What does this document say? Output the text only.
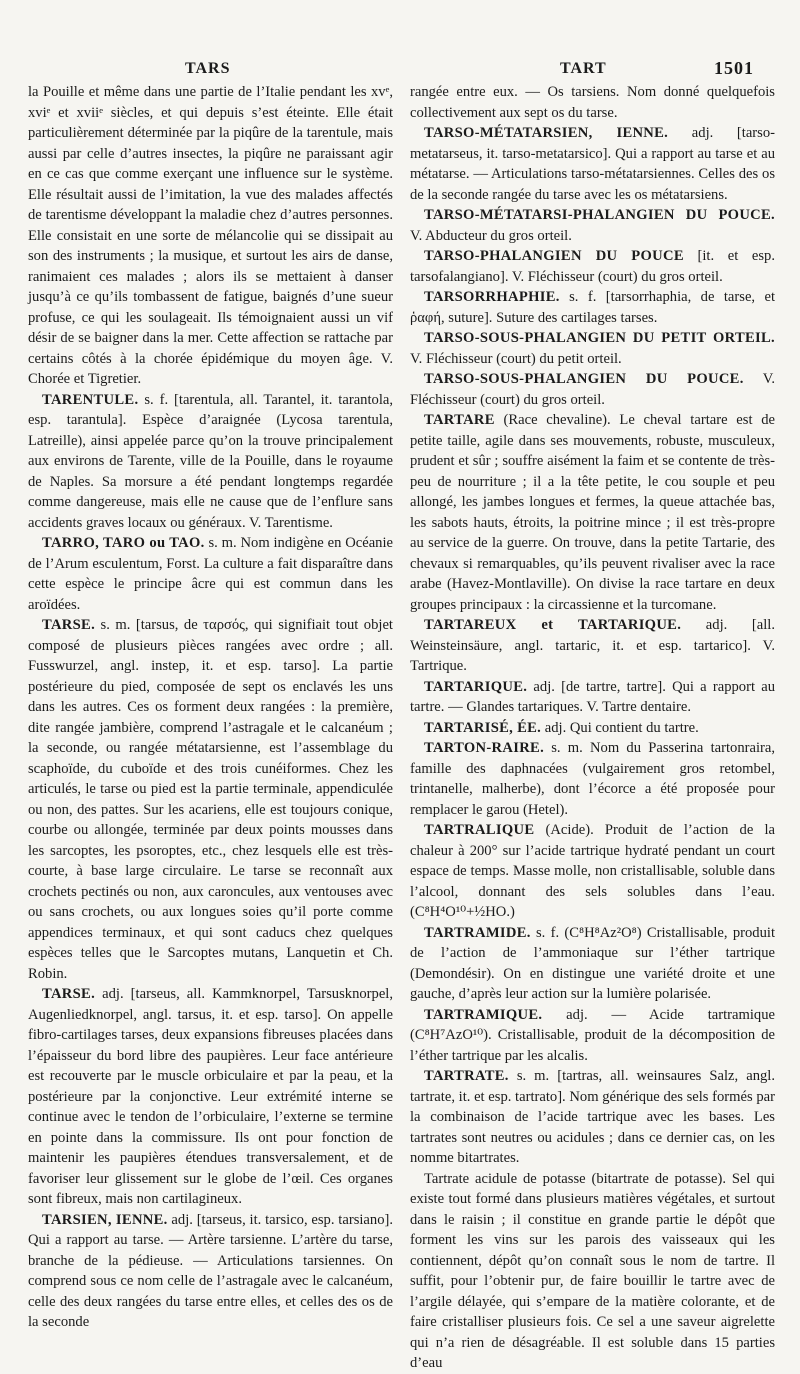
TARS	TART	1501

la Pouille et même dans une partie de l’Italie pendant les xvᵉ, xviᵉ et xviiᵉ siècles, et qui depuis s’est éteinte. Elle était particulièrement déterminée par la piqûre de la tarentule, mais aussi par celle d’autres insectes, la piqûre ne paraissant agir en ce cas que comme exerçant une influence sur le système. Elle résultait aussi de l’imitation, la vue des malades affectés de tarentisme développant la maladie chez d’autres personnes. Elle consistait en une sorte de mélancolie qui se dissipait au son des instruments ; la musique, et surtout les airs de danse, ranimaient ces malades ; alors ils se mettaient à danser jusqu’à ce qu’ils tombassent de fatigue, baignés d’une sueur profuse, ce qui les soulageait. Ils témoignaient aussi un vif désir de se baigner dans la mer. Cette affection se rattache par certains côtés à la chorée épidémique du moyen âge. V. Chorée et Tigretier.

TARENTULE. s. f. [tarentula, all. Tarantel, it. tarantola, esp. tarantula]. Espèce d’araignée (Lycosa tarentula, Latreille), ainsi appelée parce qu’on la trouve principalement aux environs de Tarente, ville de la Pouille, dans le royaume de Naples. Sa morsure a été pendant longtemps regardée comme dangereuse, mais elle ne cause que de l’enflure sans accidents graves locaux ou généraux. V. Tarentisme.

TARRO, TARO ou TAO. s. m. Nom indigène en Océanie de l’Arum esculentum, Forst. La culture a fait disparaître dans cette espèce le principe âcre qui est commun dans les aroïdées.

TARSE. s. m. [tarsus, de ταρσός, qui signifiait tout objet composé de plusieurs pièces rangées avec ordre ; all. Fusswurzel, angl. instep, it. et esp. tarso]. La partie postérieure du pied, composée de sept os enclavés les uns dans les autres. Ces os forment deux rangées : la première, dite rangée jambière, comprend l’astragale et le calcanéum ; la seconde, ou rangée métatarsienne, est l’assemblage du scaphoïde, du cuboïde et des trois cunéiformes. Chez les articulés, le tarse ou pied est la partie terminale, appendiculée ou non, des pattes. Sur les acariens, elle est toujours conique, courbe ou allongée, terminée par deux points mousses dans les sarcoptes, les psoroptes, etc., chez lesquels elle est très-courte, à base large circulaire. Le tarse se reconnaît aux crochets pectinés ou non, aux caroncules, aux ventouses avec ou sans crochets, ou aux longues soies qu’il porte comme appendices terminaux, et qui sont caducs chez quelques espèces telles que le Sarcoptes mutans, Lanquetin et Ch. Robin.

TARSE. adj. [tarseus, all. Kammknorpel, Tarsusknorpel, Augenliedknorpel, angl. tarsus, it. et esp. tarso]. On appelle fibro-cartilages tarses, deux expansions fibreuses placées dans l’épaisseur du bord libre des paupières. Leur face antérieure est recouverte par le muscle orbiculaire et par la peau, et la postérieure par la conjonctive. Leur extrémité interne se continue avec le tendon de l’orbiculaire, l’externe se termine en pointe dans la commissure. Ils ont pour fonction de maintenir les paupières étendues transversalement, et de favoriser leur glissement sur le globe de l’œil. Ces organes sont fibreux, mais non cartilagineux.

TARSIEN, IENNE. adj. [tarseus, it. tarsico, esp. tarsiano]. Qui a rapport au tarse. — Artère tarsienne. L’artère du tarse, branche de la pédieuse. — Articulations tarsiennes. On comprend sous ce nom celle de l’astragale avec le calcanéum, celle des deux rangées du tarse entre elles, et celles des os de la seconde

rangée entre eux. — Os tarsiens. Nom donné quelquefois collectivement aux sept os du tarse.

TARSO-MÉTATARSIEN, IENNE. adj. [tarso-metatarseus, it. tarso-metatarsico]. Qui a rapport au tarse et au métatarse. — Articulations tarso-métatarsiennes. Celles des os de la seconde rangée du tarse avec les os métatarsiens.

TARSO-MÉTATARSI-PHALANGIEN DU POUCE. V. Abducteur du gros orteil.

TARSO-PHALANGIEN DU POUCE [it. et esp. tarsofalangiano]. V. Fléchisseur (court) du gros orteil.

TARSORRHAPHIE. s. f. [tarsorrhaphia, de tarse, et ῥαφή, suture]. Suture des cartilages tarses.

TARSO-SOUS-PHALANGIEN DU PETIT ORTEIL. V. Fléchisseur (court) du petit orteil.

TARSO-SOUS-PHALANGIEN DU POUCE. V. Fléchisseur (court) du gros orteil.

TARTARE (Race chevaline). Le cheval tartare est de petite taille, agile dans ses mouvements, robuste, musculeux, prudent et sûr ; souffre aisément la faim et se contente de très-peu de nourriture ; il a la tête petite, le cou souple et peu allongé, les jambes longues et fermes, la queue attachée bas, les sabots hauts, étroits, la poitrine mince ; il est très-propre au service de la guerre. On trouve, dans la petite Tartarie, des chevaux si remarquables, qu’ils peuvent rivaliser avec la race arabe (Havez-Montlaville). On divise la race tartare en deux groupes principaux : la circassienne et la turcomane.

TARTAREUX et TARTARIQUE. adj. [all. Weinsteinsäure, angl. tartaric, it. et esp. tartarico]. V. Tartrique.

TARTARIQUE. adj. [de tartre, tartre]. Qui a rapport au tartre. — Glandes tartariques. V. Tartre dentaire.

TARTARISÉ, ÉE. adj. Qui contient du tartre.

TARTON-RAIRE. s. m. Nom du Passerina tartonraira, famille des daphnacées (vulgairement gros retombel, trintanelle, malherbe), dont l’écorce a été proposée pour remplacer le garou (Hetel).

TARTRALIQUE (Acide). Produit de l’action de la chaleur à 200° sur l’acide tartrique hydraté pendant un court espace de temps. Masse molle, non cristallisable, soluble dans l’alcool, donnant des sels solubles dans l’eau. (C⁸H⁴O¹⁰+½HO.)

TARTRAMIDE. s. f. (C⁸H⁸Az²O⁸) Cristallisable, produit de l’action de l’ammoniaque sur l’éther tartrique (Demondésir). On en distingue une variété droite et une gauche, d’après leur action sur la lumière polarisée.

TARTRAMIQUE. adj. — Acide tartramique (C⁸H⁷AzO¹⁰). Cristallisable, produit de la décomposition de l’éther tartrique par les alcalis.

TARTRATE. s. m. [tartras, all. weinsaures Salz, angl. tartrate, it. et esp. tartrato]. Nom générique des sels formés par la combinaison de l’acide tartrique avec les bases. Les tartrates sont neutres ou acidules ; dans ce dernier cas, on les nomme bitartrates.

Tartrate acidule de potasse (bitartrate de potasse). Sel qui existe tout formé dans plusieurs matières végétales, et surtout dans le raisin ; il constitue en grande partie le dépôt que forment les vins sur les parois des vaisseaux qui les contiennent, dépôt qu’on connaît sous le nom de tartre. Il suffit, pour l’obtenir pur, de faire bouillir le tartre avec de l’argile délayée, qui s’empare de la matière colorante, et de faire cristalliser plusieurs fois. Ce sel a une saveur aigrelette qui n’a rien de désagréable. Il est soluble dans 15 parties d’eau
